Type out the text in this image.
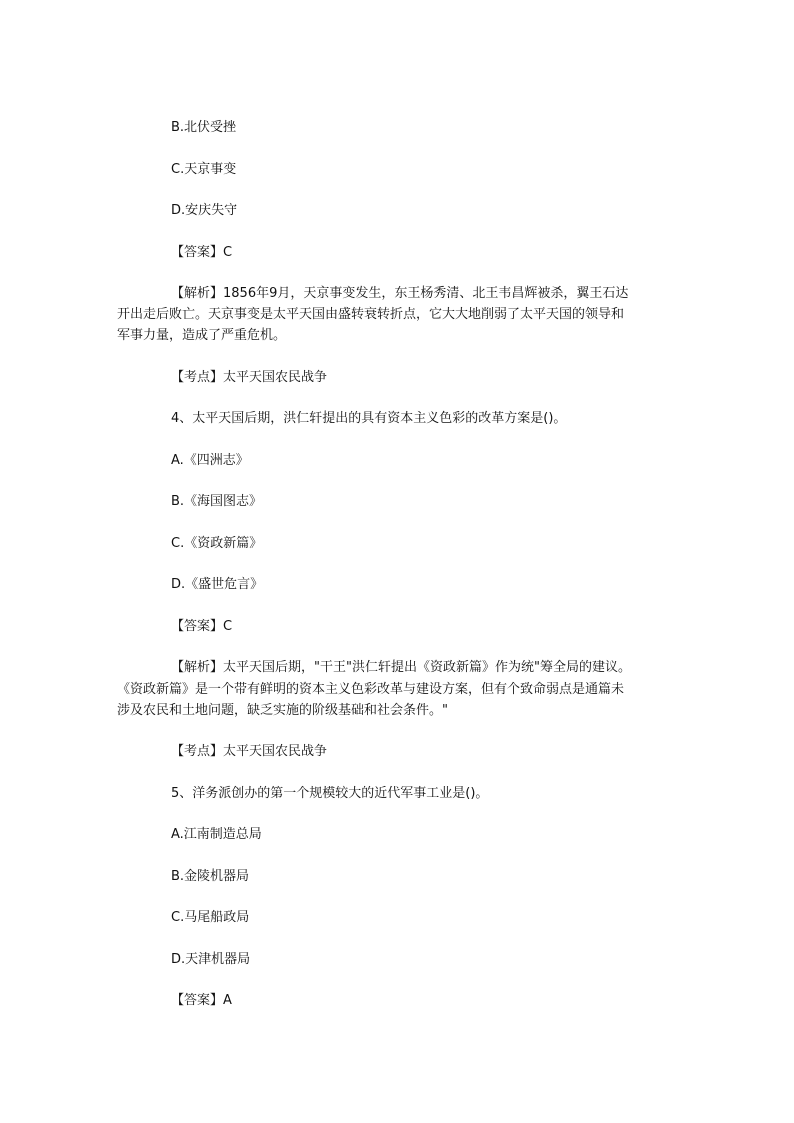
B.北伏受挫
C.天京事变
D.安庆失守
【答案】C
【解析】1856年9月，天京事变发生，东王杨秀清、北王韦昌辉被杀，翼王石达
开出走后败亡。天京事变是太平天国由盛转衰转折点，它大大地削弱了太平天国的领导和
军事力量，造成了严重危机。
【考点】太平天国农民战争
4、太平天国后期，洪仁轩提出的具有资本主义色彩的改革方案是()。
A.《四洲志》
B.《海国图志》
C.《资政新篇》
D.《盛世危言》
【答案】C
【解析】太平天国后期，"干王"洪仁轩提出《资政新篇》作为统"筹全局的建议。
《资政新篇》是一个带有鲜明的资本主义色彩改革与建设方案，但有个致命弱点是通篇未
涉及农民和土地问题，缺乏实施的阶级基础和社会条件。"
【考点】太平天国农民战争
5、洋务派创办的第一个规模较大的近代军事工业是()。
A.江南制造总局
B.金陵机器局
C.马尾船政局
D.天津机器局
【答案】A
